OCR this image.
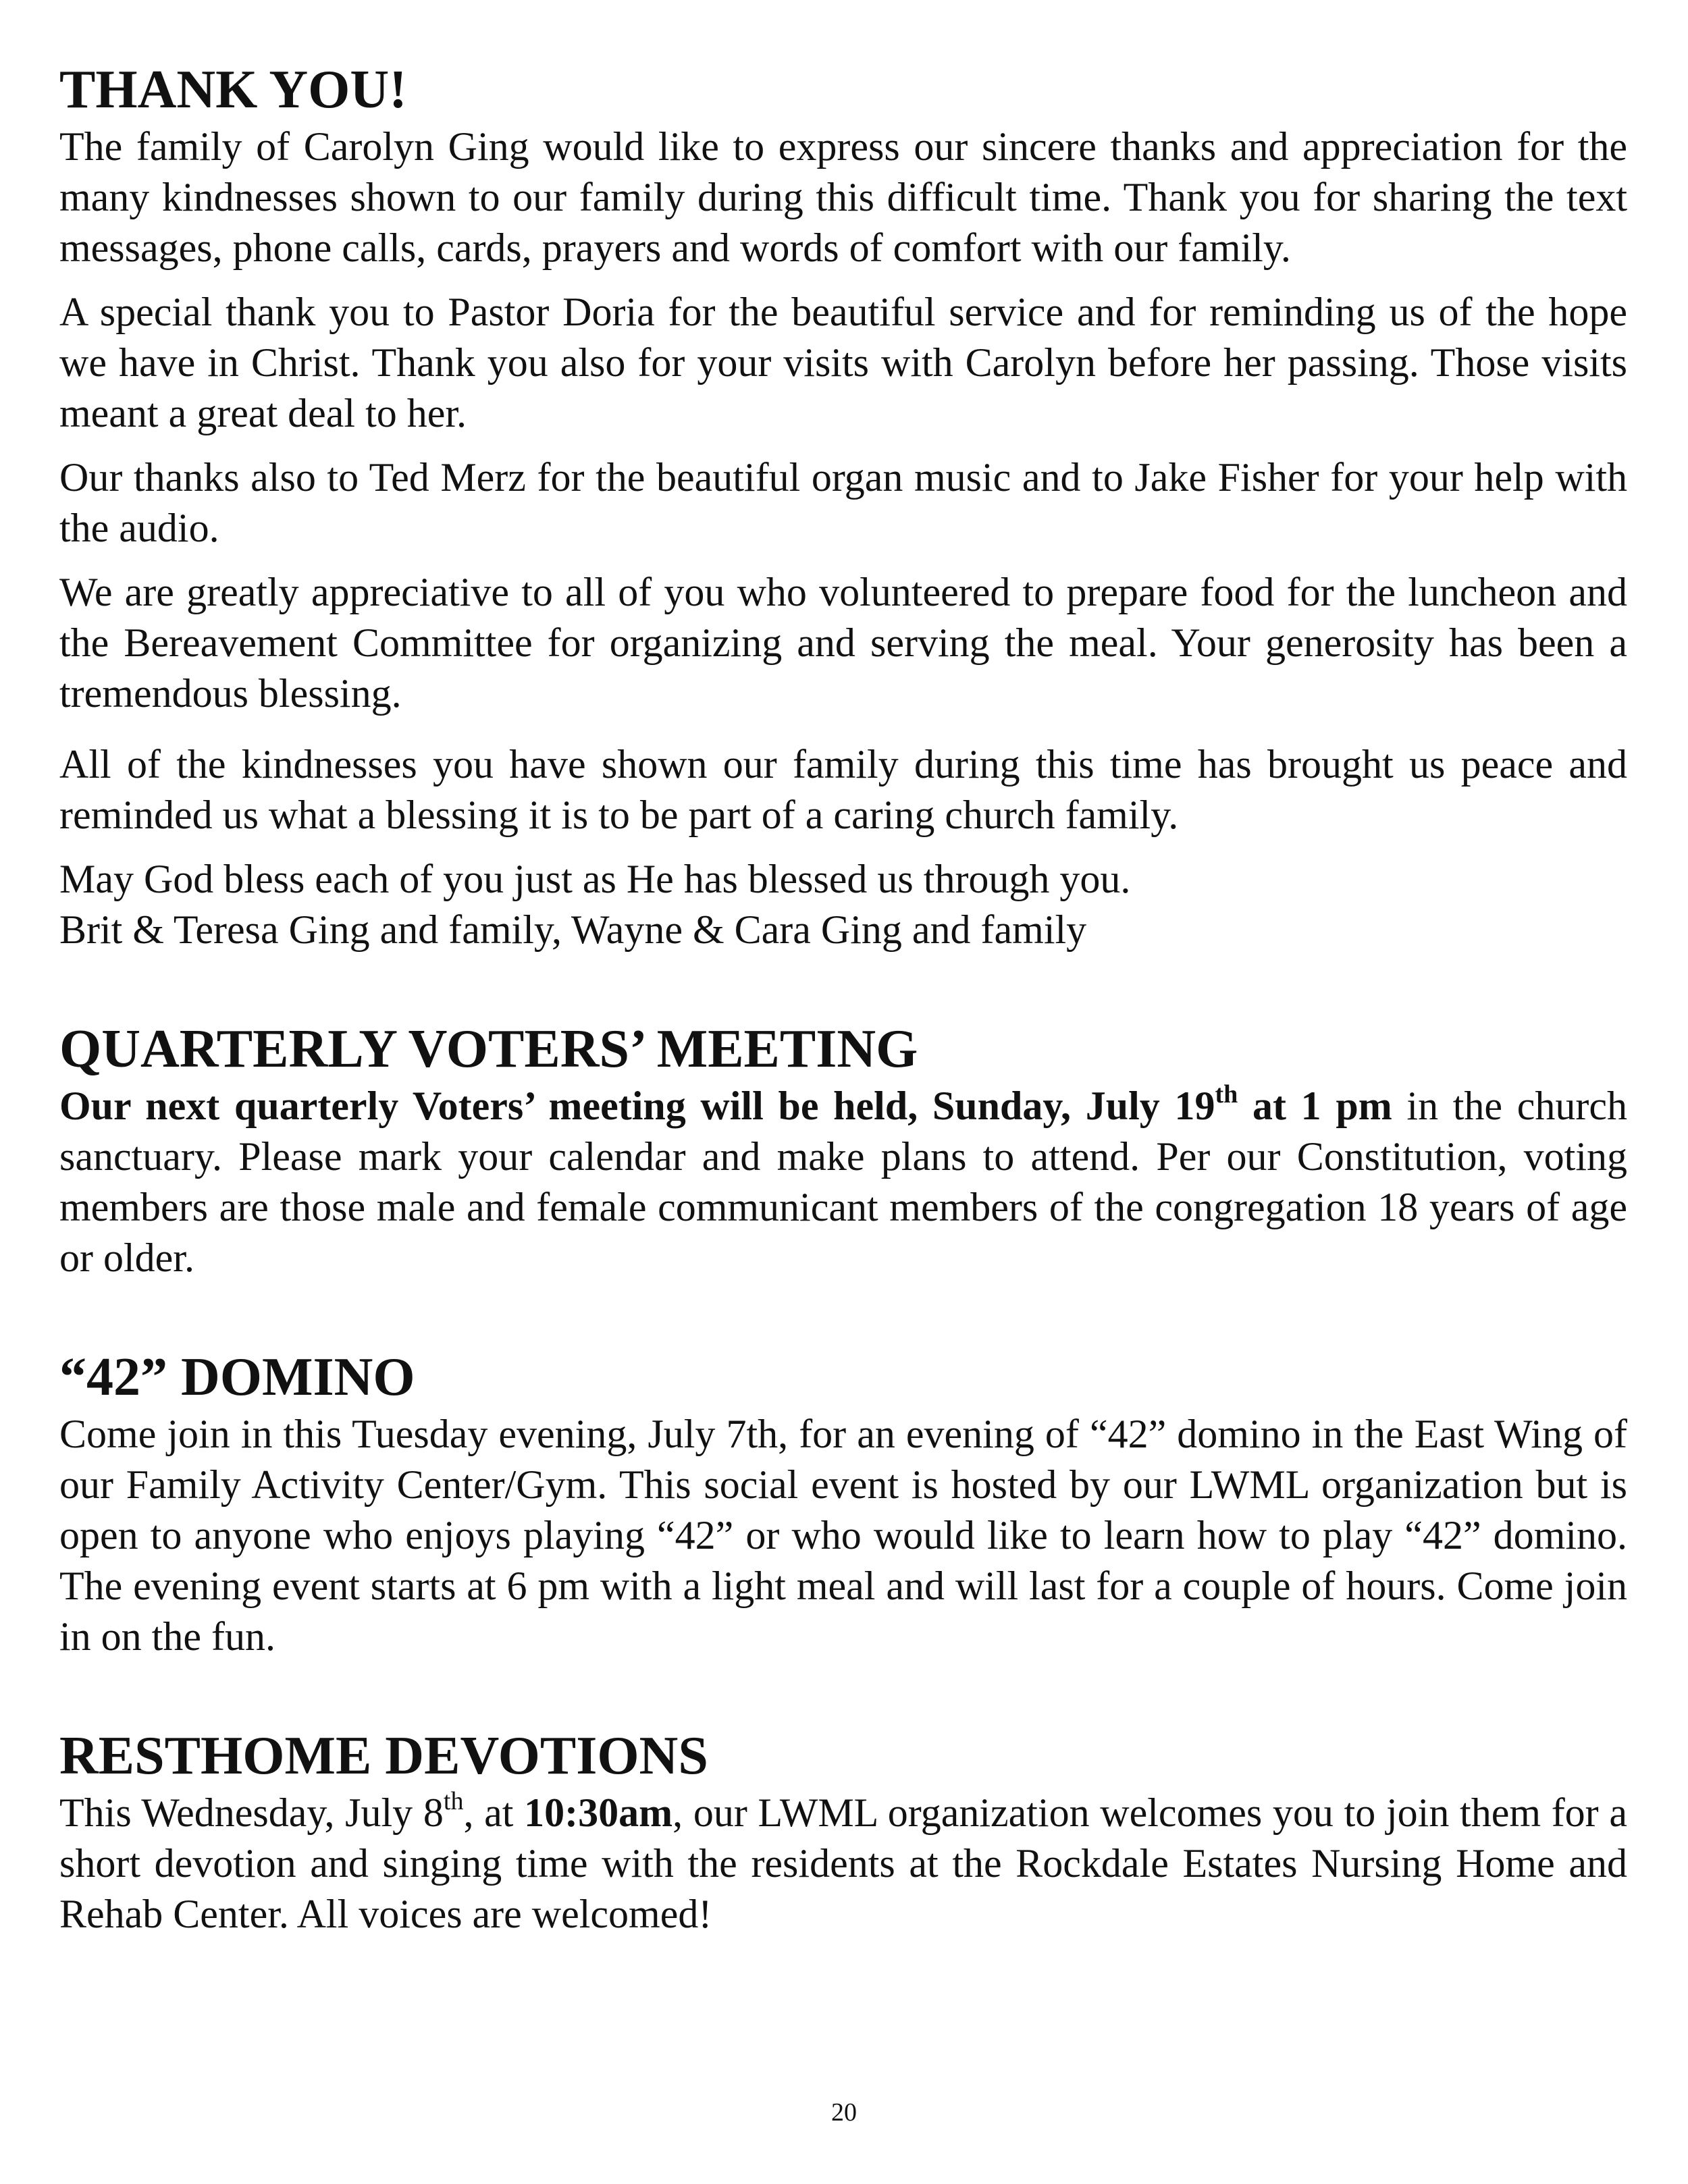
THANK YOU!

The family of Carolyn Ging would like to express our sincere thanks and appreciation for the many kindnesses shown to our family during this difficult time. Thank you for sharing the text messages, phone calls, cards, prayers and words of comfort with our family.

A special thank you to Pastor Doria for the beautiful service and for reminding us of the hope we have in Christ. Thank you also for your visits with Carolyn before her passing. Those visits meant a great deal to her.

Our thanks also to Ted Merz for the beautiful organ music and to Jake Fisher for your help with the audio.

We are greatly appreciative to all of you who volunteered to prepare food for the luncheon and the Bereavement Committee for organizing and serving the meal. Your generosity has been a tremendous blessing.

All of the kindnesses you have shown our family during this time has brought us peace and reminded us what a blessing it is to be part of a caring church family.

May God bless each of you just as He has blessed us through you.
Brit & Teresa Ging and family, Wayne & Cara Ging and family

QUARTERLY VOTERS’ MEETING

Our next quarterly Voters’ meeting will be held, Sunday, July 19th at 1 pm in the church sanctuary. Please mark your calendar and make plans to attend. Per our Constitution, voting members are those male and female communicant members of the congregation 18 years of age or older.

“42” DOMINO

Come join in this Tuesday evening, July 7th, for an evening of “42” domino in the East Wing of our Family Activity Center/Gym. This social event is hosted by our LWML organization but is open to anyone who enjoys playing “42” or who would like to learn how to play “42” domino. The evening event starts at 6 pm with a light meal and will last for a couple of hours. Come join in on the fun.

RESTHOME DEVOTIONS

This Wednesday, July 8th, at 10:30am, our LWML organization welcomes you to join them for a short devotion and singing time with the residents at the Rockdale Estates Nursing Home and Rehab Center. All voices are welcomed!

20
